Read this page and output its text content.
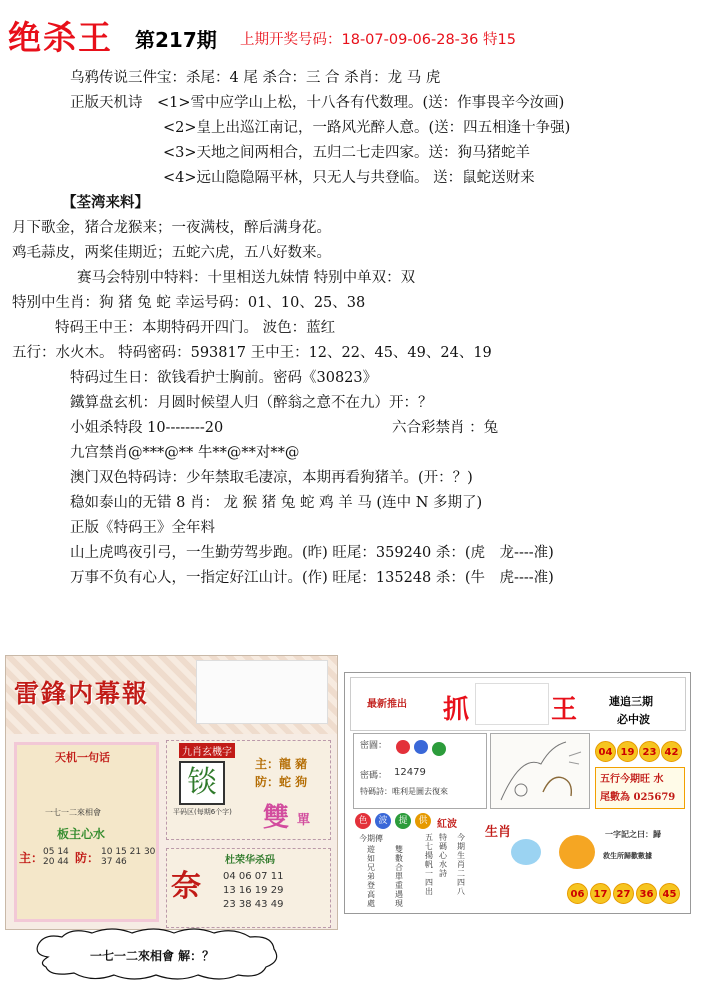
绝杀王 第217期 上期开奖号码：18-07-09-06-28-36 特15
乌鸦传说三件宝：杀尾：4 尾 杀合：三 合 杀肖：龙 马 虎
正版天机诗　<1>雪中应学山上松，十八各有代数理。(送：作事畏辛今汝画)
<2>皇上出巡江南记，一路风光醉人意。(送：四五相逢十争强)
<3>天地之间两相合，五归二七走四家。送：狗马猪蛇羊
<4>远山隐隐隔平林，只无人与共登临。 送：鼠蛇送财来
【荃湾来料】
月下歌金，猪合龙猴来；一夜满枝，醉后满身花。
鸡毛蒜皮，两桨佳期近；五蛇六虎，五八好数来。
赛马会特别中特料：十里相送九妹情 特别中单双：双
特别中生肖：狗 猪 兔 蛇 幸运号码：01、10、25、38
特码王中王：本期特码开四门。 波色：蓝红
五行：水火木。 特码密码：593817 王中王：12、22、45、49、24、19
特码过生日：欲钱看护士胸前。密码《30823》
鐵算盘玄机：月圆时候望人归（醉翁之意不在九）开：？
小姐杀特段 10--------20	六合彩禁肖 ：兔
九宫禁肖@***@** 牛**@**对**@
澳门双色特码诗：少年禁取毛凄凉，本期再看狗猪羊。(开：？)
稳如泰山的无错 8 肖： 龙 猴 猪 兔 蛇 鸡 羊 马 (连中 N 多期了)
正版《特码王》全年料
山上虎鸣夜引弓，一生勤劳驾步跑。(昨) 旺尾：359240 杀：(虎　龙----准)
万事不负有心人，一指定好江山计。(作) 旺尾：135248 杀：(牛　虎----准)
雷鋒内幕報
天机一句话
一七一二來相會
板主心水
主： 05 14 20 44 防： 10 15 21 30 37 46
九肖玄機字
锬
平码区(每期6个字)
主：龍 豬
防：蛇 狗
雙 單
杜荣华杀码
奈 04 06 07 11
13 16 19 29
23 38 43 49
最新推出 抓	王	連追三期
必中波
密圖：
密碼： 12479
特碼詩：唯利是圖去復來
04 19 23 42
五行今期旺 水
尾數為 025679
色	波	提	供 紅波
生肖
今期傳
遊如兄弟登高處
雙數合單重遇現
五七揚帆一四出
特碼心水詩
今期生肖二四八
一字記之曰：歸
救生所歸歡數據
06 17 27 36 45
一七一二來相會 解：？
